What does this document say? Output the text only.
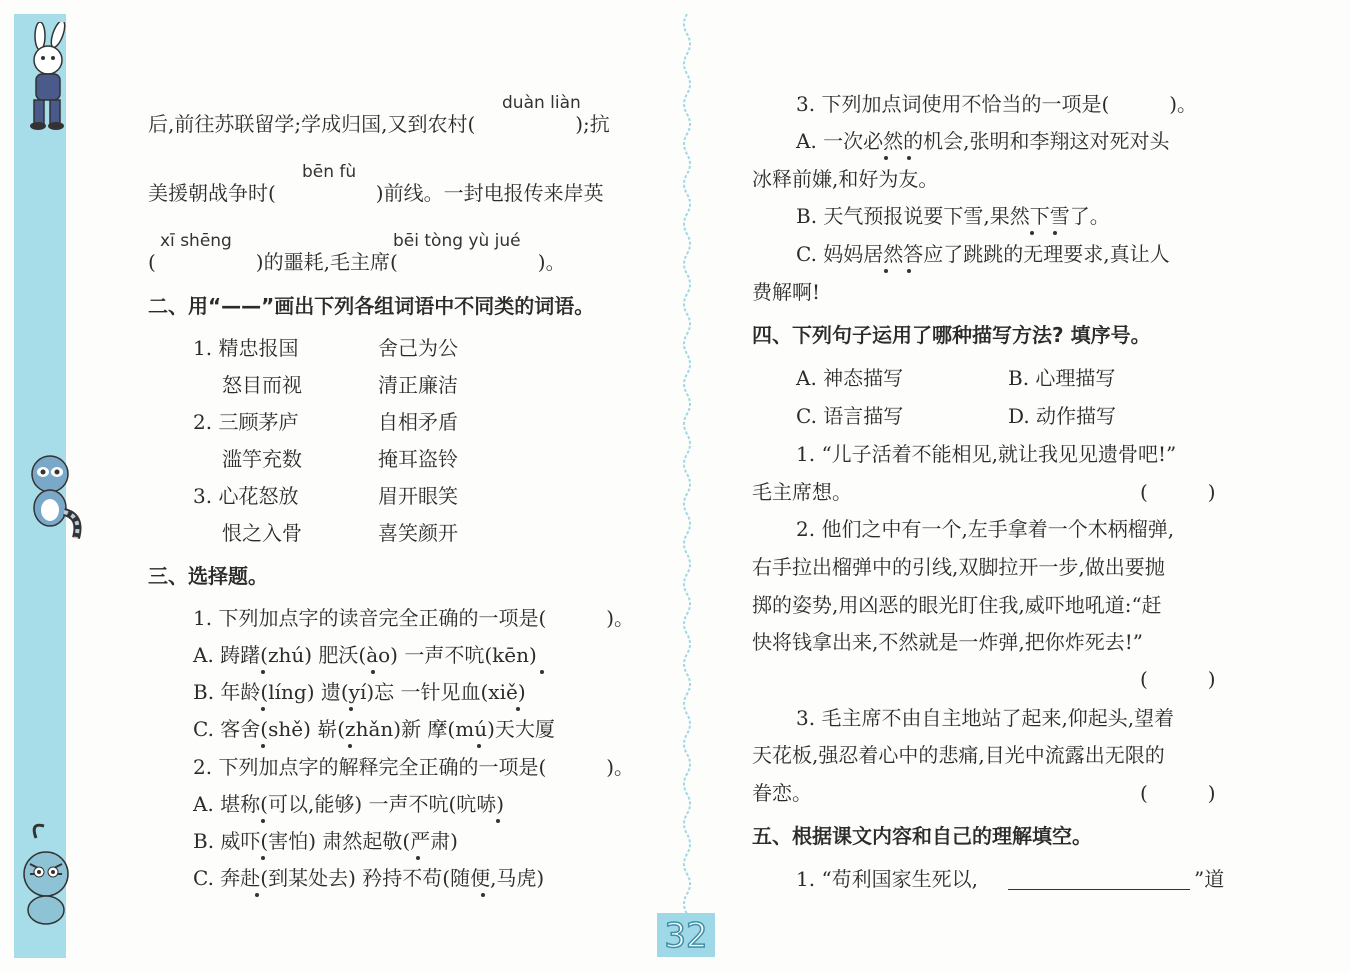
32
duàn liàn
后,前往苏联留学;学成归国,又到农村(　　　　　);抗
bēn fù
美援朝战争时(　　　　　)前线。一封电报传来岸英
xī shēng	bēi tòng yù jué
(　　　　　)的噩耗,毛主席(　　　　　　　)。
二、用“——”画出下列各组词语中不同类的词语。
1. 精忠报国	舍己为公
怒目而视	清正廉洁
2. 三顾茅庐	自相矛盾
滥竽充数	掩耳盗铃
3. 心花怒放	眉开眼笑
恨之入骨	喜笑颜开
三、选择题。
1. 下列加点字的读音完全正确的一项是(　　　)。
A. 踌躇(zhú) 肥沃(ào) 一声不吭(kēn)
B. 年龄(líng) 遗(yí)忘 一针见血(xiě)
C. 客舍(shě) 崭(zhǎn)新 摩(mú)天大厦
2. 下列加点字的解释完全正确的一项是(　　　)。
A. 堪称(可以,能够) 一声不吭(吭哧)
B. 威吓(害怕) 肃然起敬(严肃)
C. 奔赴(到某处去) 矜持不苟(随便,马虎)
3. 下列加点词使用不恰当的一项是(　　　)。
A. 一次必然的机会,张明和李翔这对死对头
冰释前嫌,和好为友。
B. 天气预报说要下雪,果然下雪了。
C. 妈妈居然答应了跳跳的无理要求,真让人
费解啊!
四、下列句子运用了哪种描写方法? 填序号。
A. 神态描写	B. 心理描写
C. 语言描写	D. 动作描写
1. “儿子活着不能相见,就让我见见遗骨吧!”
毛主席想。	(　　　)
2. 他们之中有一个,左手拿着一个木柄榴弹,
右手拉出榴弹中的引线,双脚拉开一步,做出要抛
掷的姿势,用凶恶的眼光盯住我,威吓地吼道:“赶
快将钱拿出来,不然就是一炸弹,把你炸死去!”
(　　　)
3. 毛主席不由自主地站了起来,仰起头,望着
天花板,强忍着心中的悲痛,目光中流露出无限的
眷恋。	(　　　)
五、根据课文内容和自己的理解填空。
1. “苟利国家生死以,	”道
